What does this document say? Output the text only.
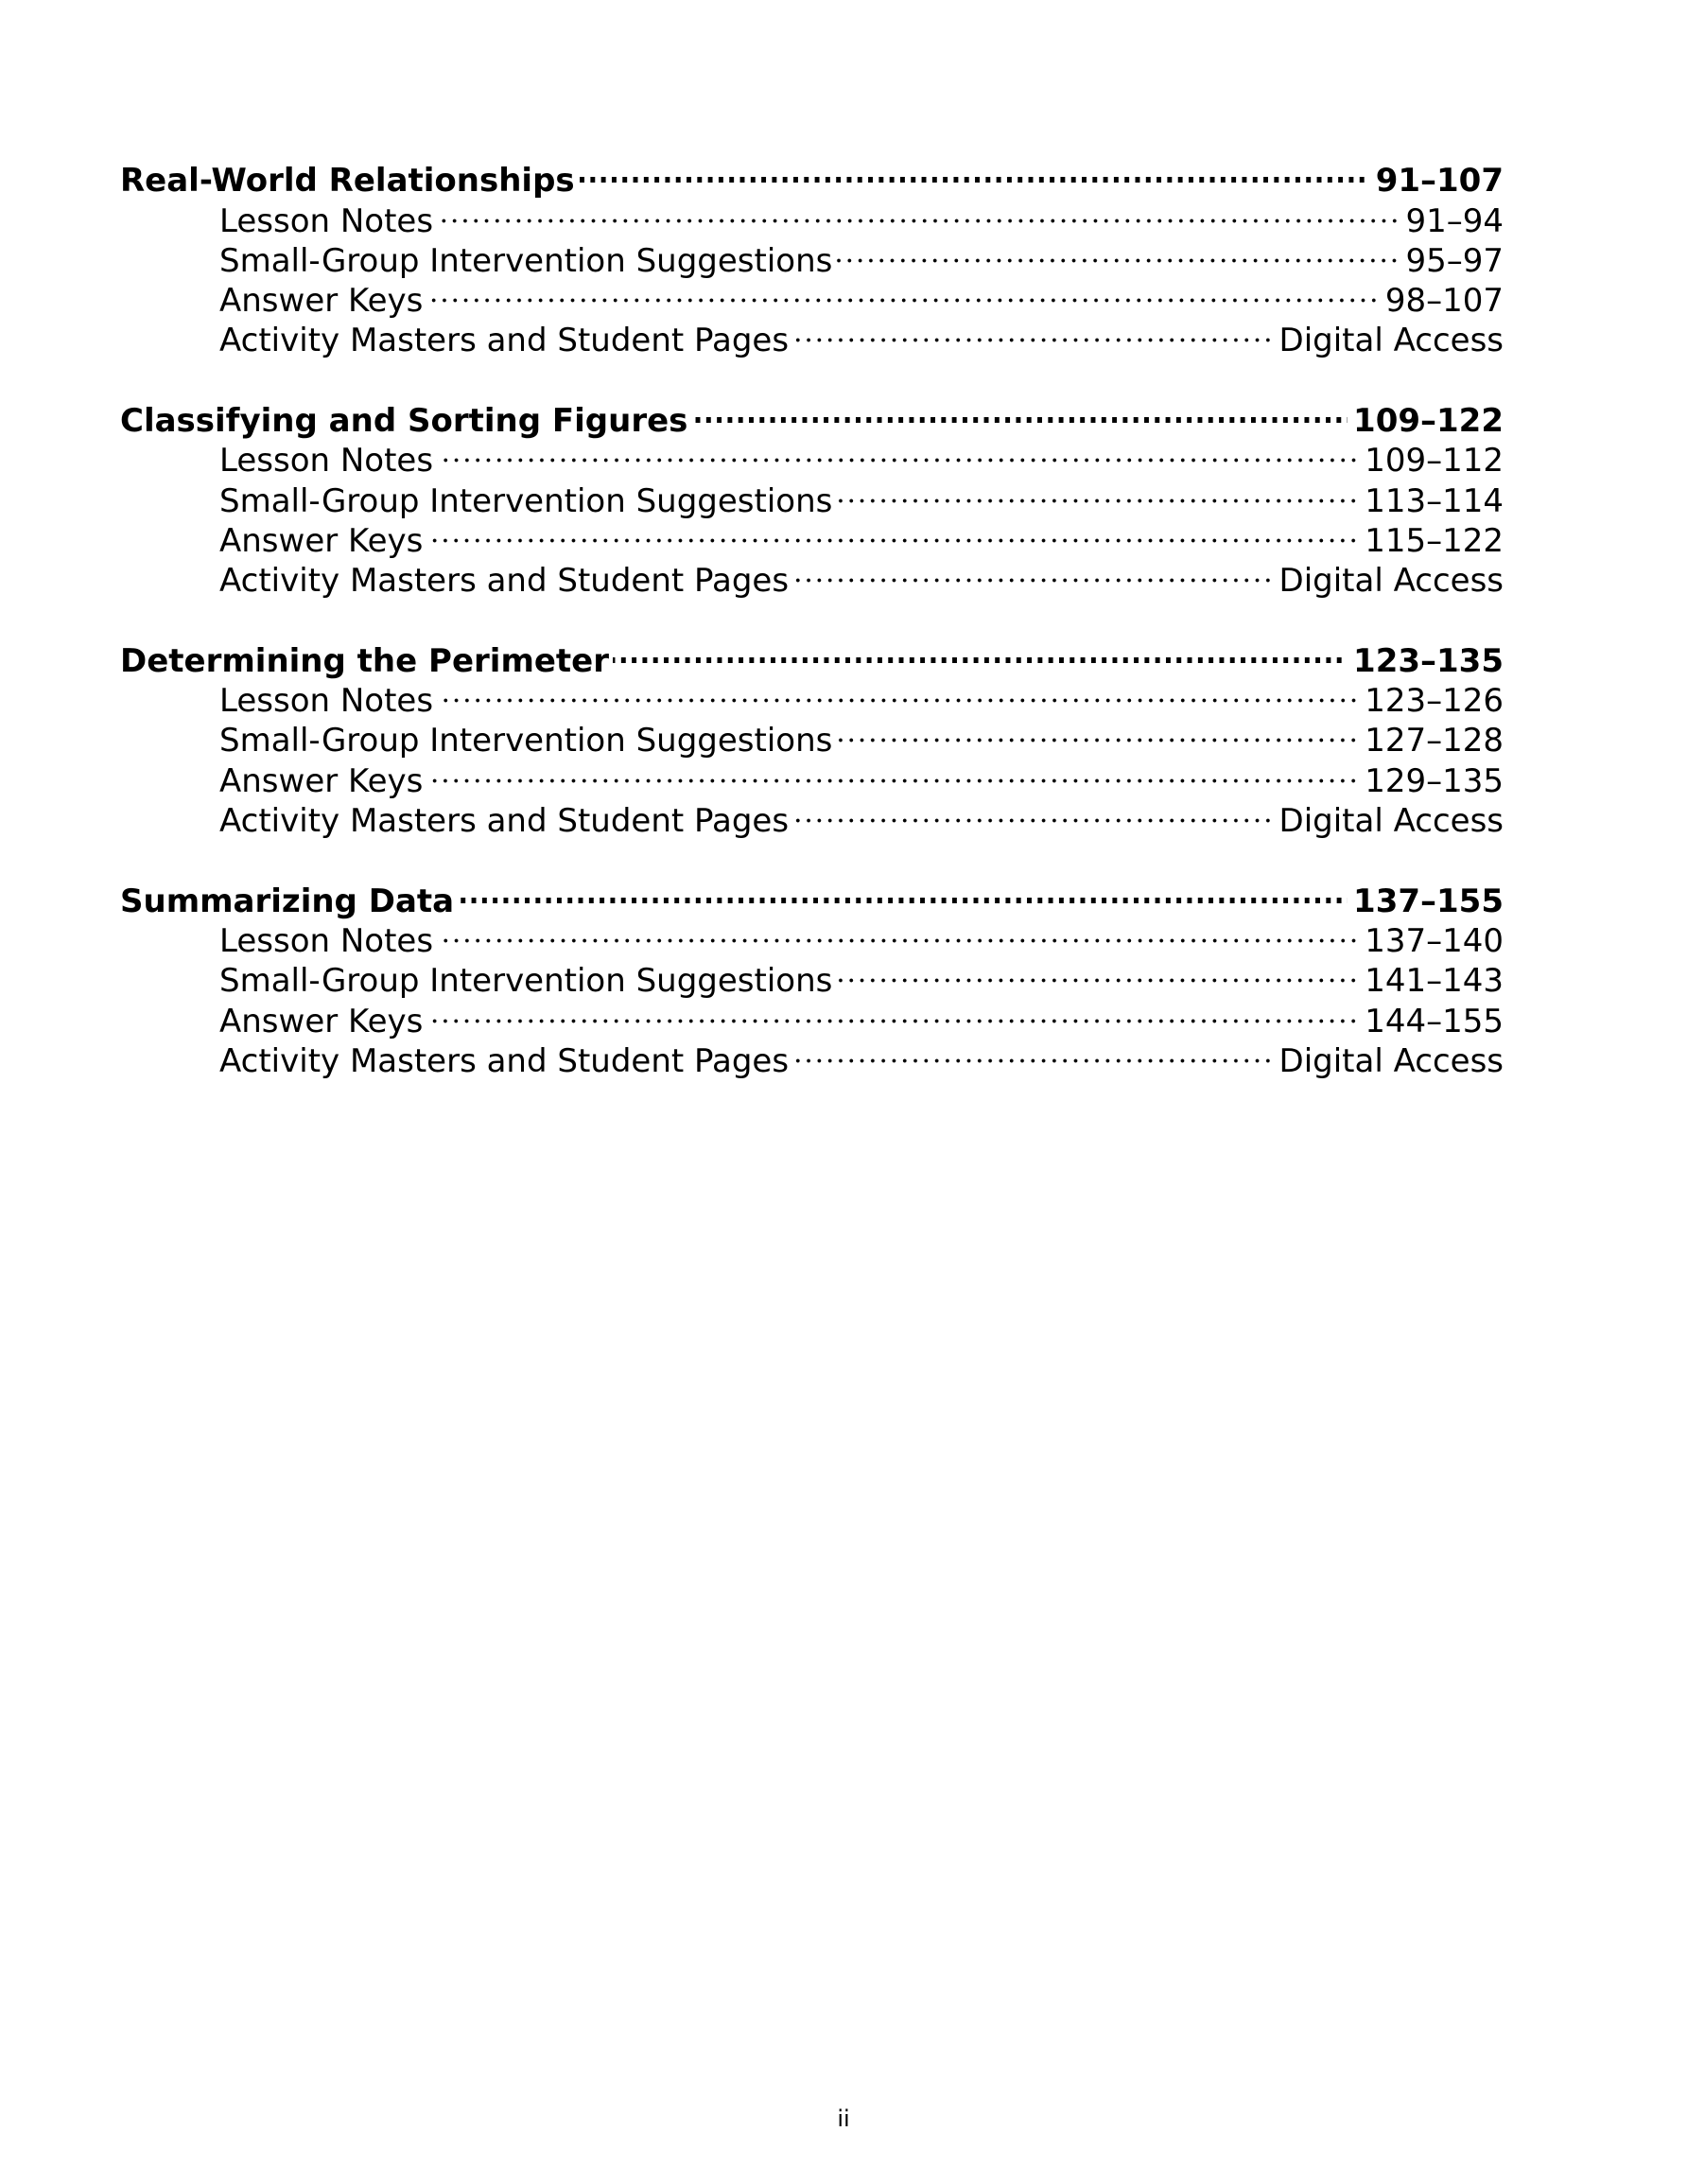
Real-World Relationships	91–107
Lesson Notes	91–94
Small-Group Intervention Suggestions	95–97
Answer Keys	98–107
Activity Masters and Student Pages	Digital Access
Classifying and Sorting Figures	109–122
Lesson Notes	109–112
Small-Group Intervention Suggestions	113–114
Answer Keys	115–122
Activity Masters and Student Pages	Digital Access
Determining the Perimeter	123–135
Lesson Notes	123–126
Small-Group Intervention Suggestions	127–128
Answer Keys	129–135
Activity Masters and Student Pages	Digital Access
Summarizing Data	137–155
Lesson Notes	137–140
Small-Group Intervention Suggestions	141–143
Answer Keys	144–155
Activity Masters and Student Pages	Digital Access
ii
